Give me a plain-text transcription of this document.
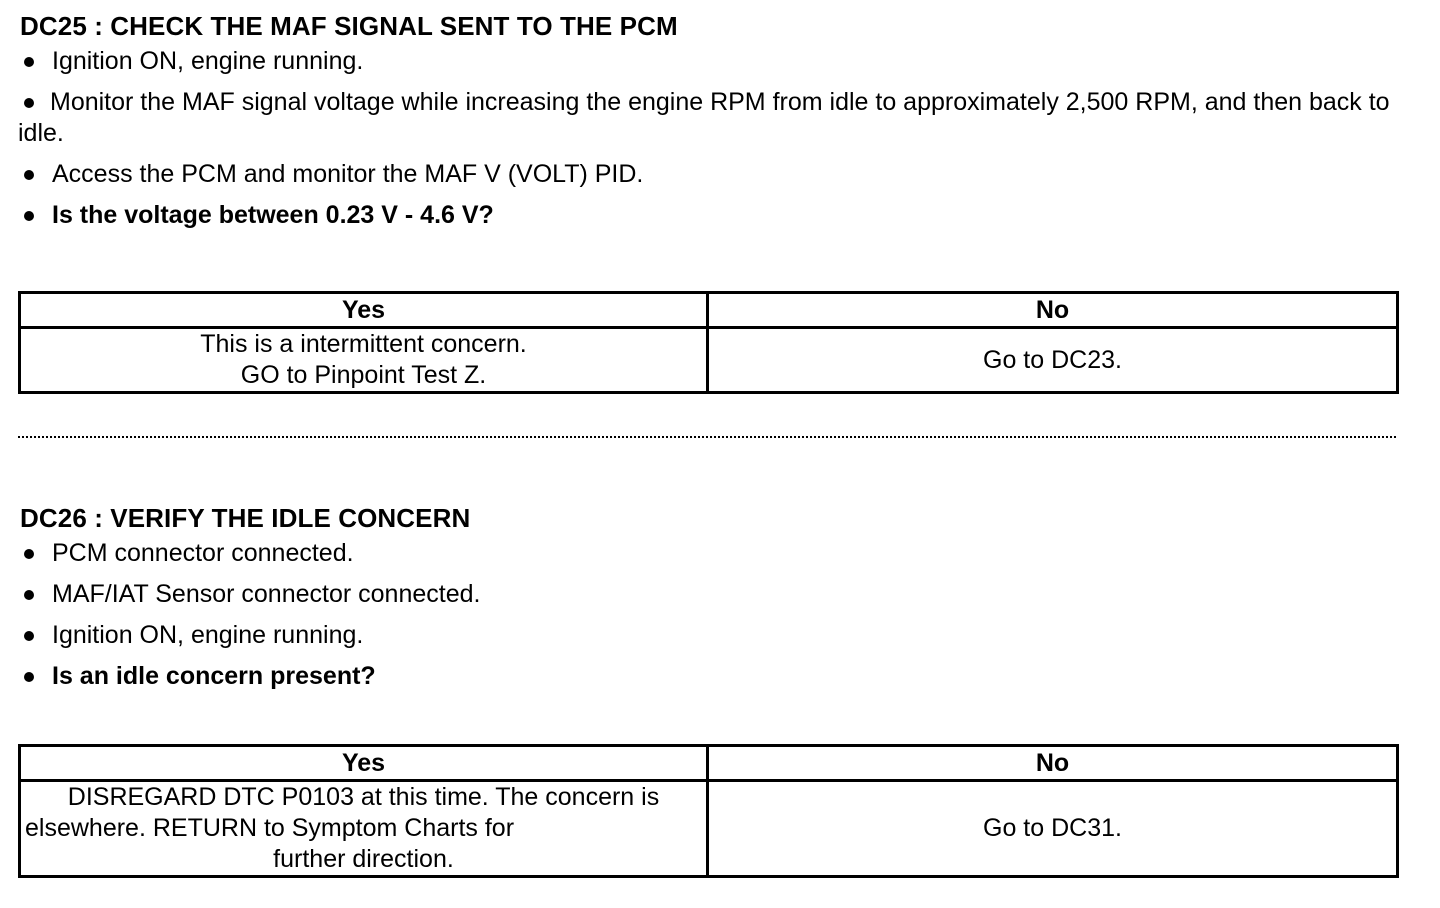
DC25 : CHECK THE MAF SIGNAL SENT TO THE PCM
Ignition ON, engine running.
Monitor the MAF signal voltage while increasing the engine RPM from idle to approximately 2,500 RPM, and then back to idle.
Access the PCM and monitor the MAF V (VOLT) PID.
Is the voltage between 0.23 V - 4.6 V?
Yes	No

This is a intermittent concern.
GO to Pinpoint Test Z.	Go to DC23.
DC26 : VERIFY THE IDLE CONCERN
PCM connector connected.
MAF/IAT Sensor connector connected.
Ignition ON, engine running.
Is an idle concern present?
Yes	No

DISREGARD DTC P0103 at this time. The concern is
elsewhere. RETURN to Symptom Charts for
further direction.	Go to DC31.
